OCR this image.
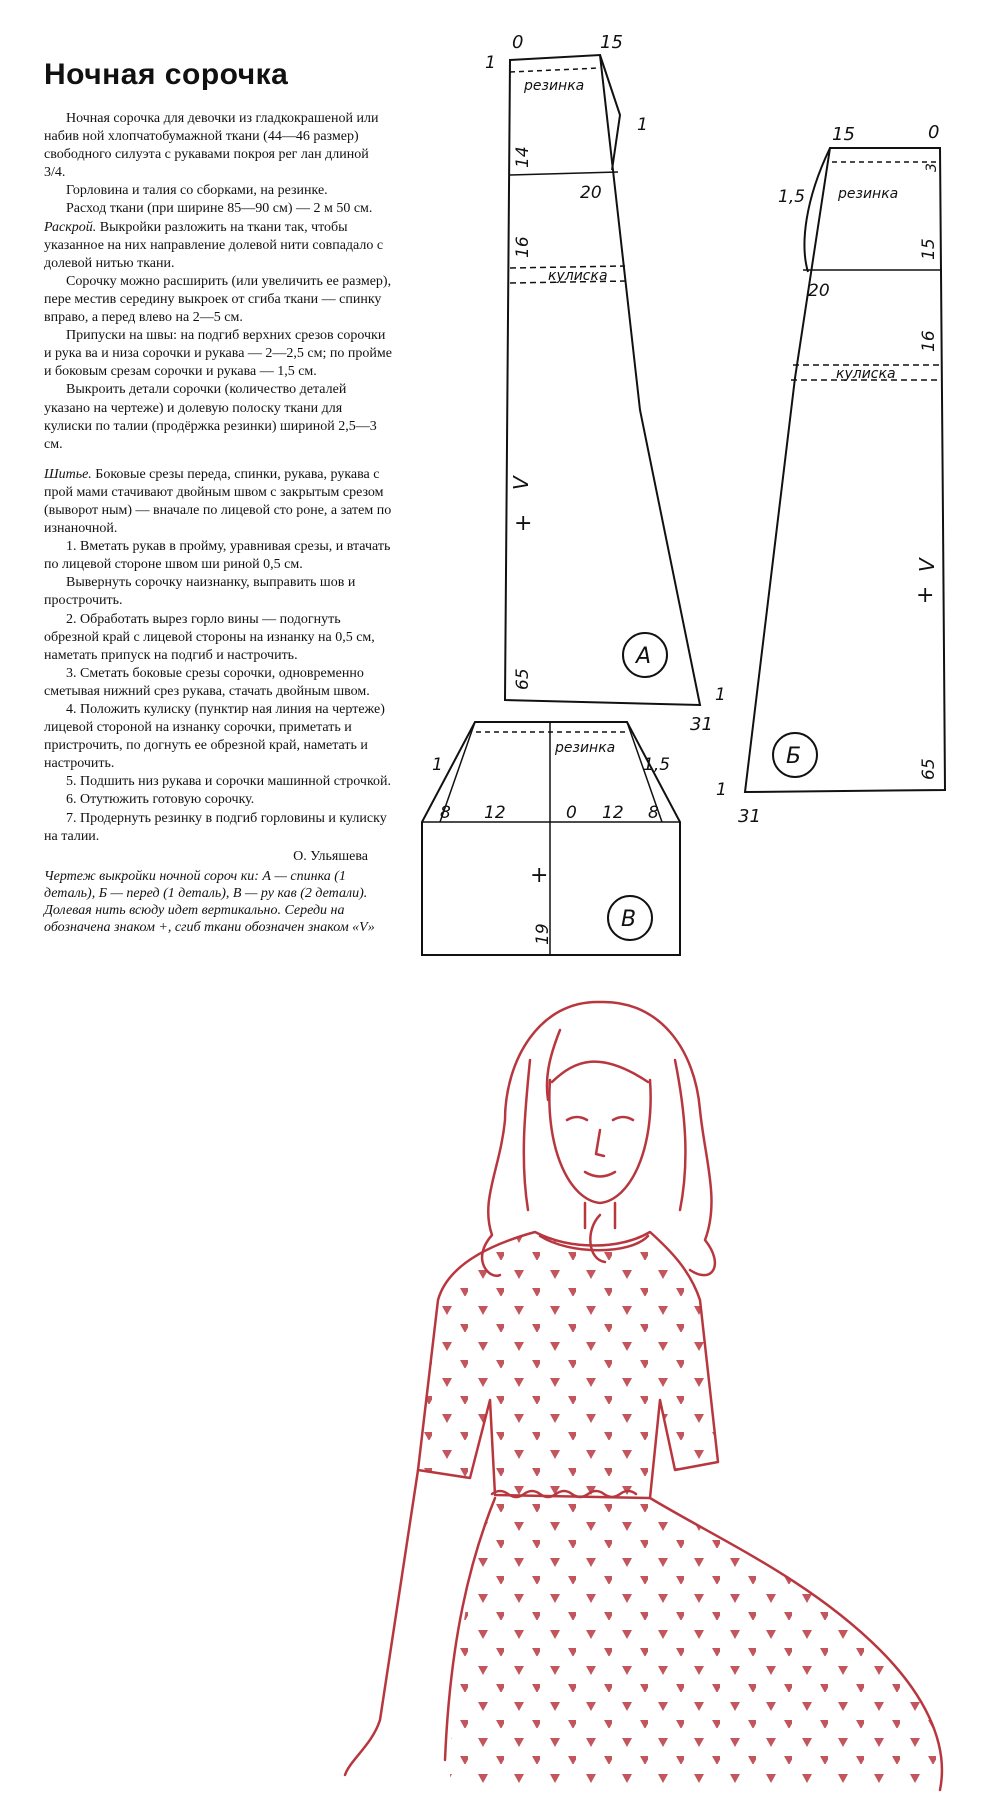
Ночная сорочка

Ночная сорочка для девочки из гладкокрашеной или набив ной хлопчатобумажной ткани (44—46 размер) свободного силуэта с рукавами покроя рег лан длиной 3/4.

Горловина и талия со сборками, на резинке.

Расход ткани (при ширине 85—90 см) — 2 м 50 см.

Раскрой. Выкройки разложить на ткани так, чтобы указанное на них направление долевой нити совпадало с долевой нитью ткани.

Сорочку можно расширить (или увеличить ее размер), пере местив середину выкроек от сгиба ткани — спинку вправо, а перед влево на 2—5 см.

Припуски на швы: на подгиб верхних срезов сорочки и рука ва и низа сорочки и рукава — 2—2,5 см; по пройме и боковым срезам сорочки и рукава — 1,5 см.

Выкроить детали сорочки (количество деталей указано на чертеже) и долевую полоску ткани для кулиски по талии (продёржка резинки) шириной 2,5—3 см.

Шитье. Боковые срезы переда, спинки, рукава, рукава с прой мами стачивают двойным швом с закрытым срезом (выворот ным) — вначале по лицевой сто роне, а затем по изнаночной.

1. Вметать рукав в пройму, уравнивая срезы, и втачать по лицевой стороне швом ши риной 0,5 см.

Вывернуть сорочку наизнанку, выправить шов и прострочить.

2. Обработать вырез горло вины — подогнуть обрезной край с лицевой стороны на изнанку на 0,5 см, наметать припуск на подгиб и настрочить.

3. Сметать боковые срезы сорочки, одновременно сметывая нижний срез рукава, стачать двойным швом.

4. Положить кулиску (пунктир ная линия на чертеже) лицевой стороной на изнанку сорочки, приметать и пристрочить, по догнуть ее обрезной край, наметать и настрочить.

5. Подшить низ рукава и сорочки машинной строчкой.

6. Отутюжить готовую сорочку.

7. Продернуть резинку в подгиб горловины и кулиску на талии.

О. Ульяшева

Чертеж выкройки ночной сороч ки: А — спинка (1 деталь), Б — перед (1 деталь), В — ру кав (2 детали). Долевая нить всюду идет вертикально. Середи на обозначена знаком +, сгиб ткани обозначен знаком «V»

0	15
1
1
резинка
14
20
16
кулиска
V
+
А
65
31
1
15	0
3
резинка
1,5
15
20
16
кулиска
V
+
Б
65
1
31
резинка
1	1,5
8 12	0 12 8
+
19
В
